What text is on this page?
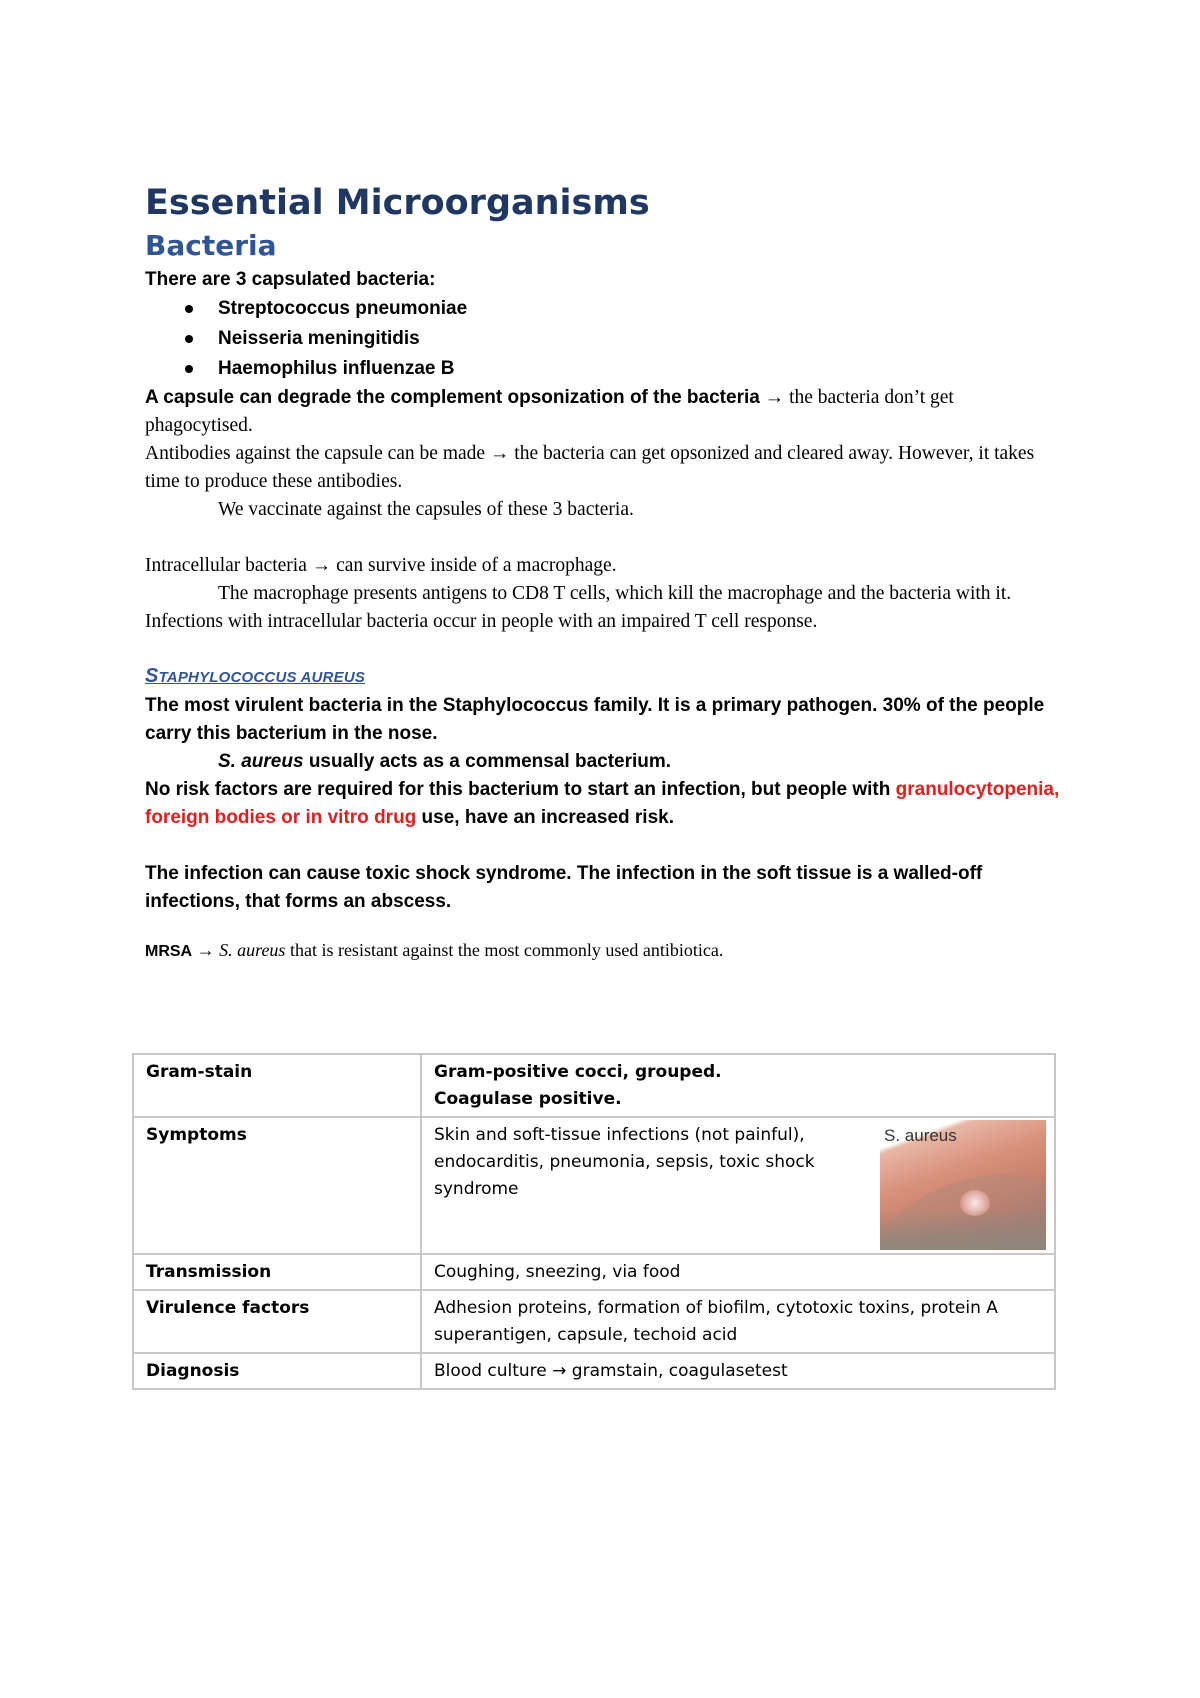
Essential Microorganisms
Bacteria

There are 3 capsulated bacteria:

Streptococcus pneumoniae
Neisseria meningitidis
Haemophilus influenzae B

A capsule can degrade the complement opsonization of the bacteria → the bacteria don’t get phagocytised.

Antibodies against the capsule can be made → the bacteria can get opsonized and cleared away. However, it takes time to produce these antibodies.

We vaccinate against the capsules of these 3 bacteria.

Intracellular bacteria → can survive inside of a macrophage.

The macrophage presents antigens to CD8 T cells, which kill the macrophage and the bacteria with it.

Infections with intracellular bacteria occur in people with an impaired T cell response.

STAPHYLOCOCCUS AUREUS

The most virulent bacteria in the Staphylococcus family. It is a primary pathogen. 30% of the people carry this bacterium in the nose.

S. aureus usually acts as a commensal bacterium.

No risk factors are required for this bacterium to start an infection, but people with granulocytopenia, foreign bodies or in vitro drug use, have an increased risk.

The infection can cause toxic shock syndrome. The infection in the soft tissue is a walled-off infections, that forms an abscess.

MRSA → S. aureus that is resistant against the most commonly used antibiotica.

Gram-stain	Gram-positive cocci, grouped.
Coagulase positive.

Symptoms	S. aureus
Skin and soft-tissue infections (not painful), endocarditis, pneumonia, sepsis, toxic shock syndrome

Transmission	Coughing, sneezing, via food
Virulence factors	Adhesion proteins, formation of biofilm, cytotoxic toxins, protein A superantigen, capsule, techoid acid
Diagnosis	Blood culture → gramstain, coagulasetest
